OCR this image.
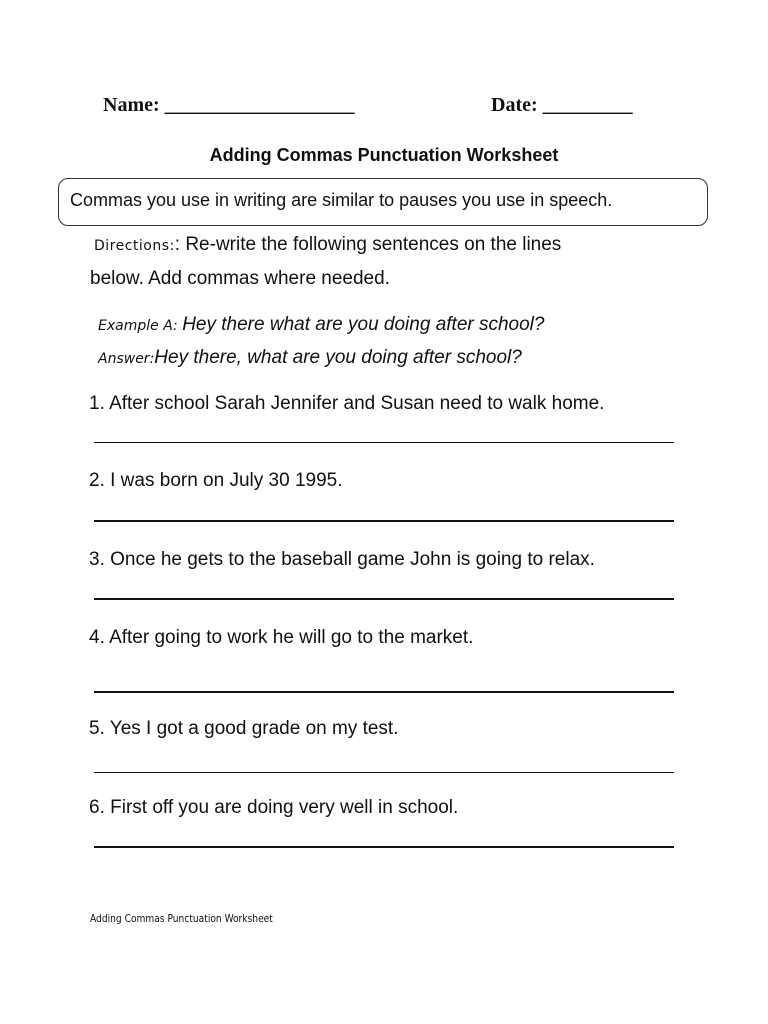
Name: ___________________	Date: _________
Adding Commas Punctuation Worksheet
Commas you use in writing are similar to pauses you use in speech.
Directions:: Re-write the following sentences on the lines
below. Add commas where needed.
Example A: Hey there what are you doing after school?
Answer:Hey there, what are you doing after school?
1. After school Sarah Jennifer and Susan need to walk home.
2. I was born on July 30 1995.
3. Once he gets to the baseball game John is going to relax.
4. After going to work he will go to the market.
5. Yes I got a good grade on my test.
6. First off you are doing very well in school.
Adding Commas Punctuation Worksheet
